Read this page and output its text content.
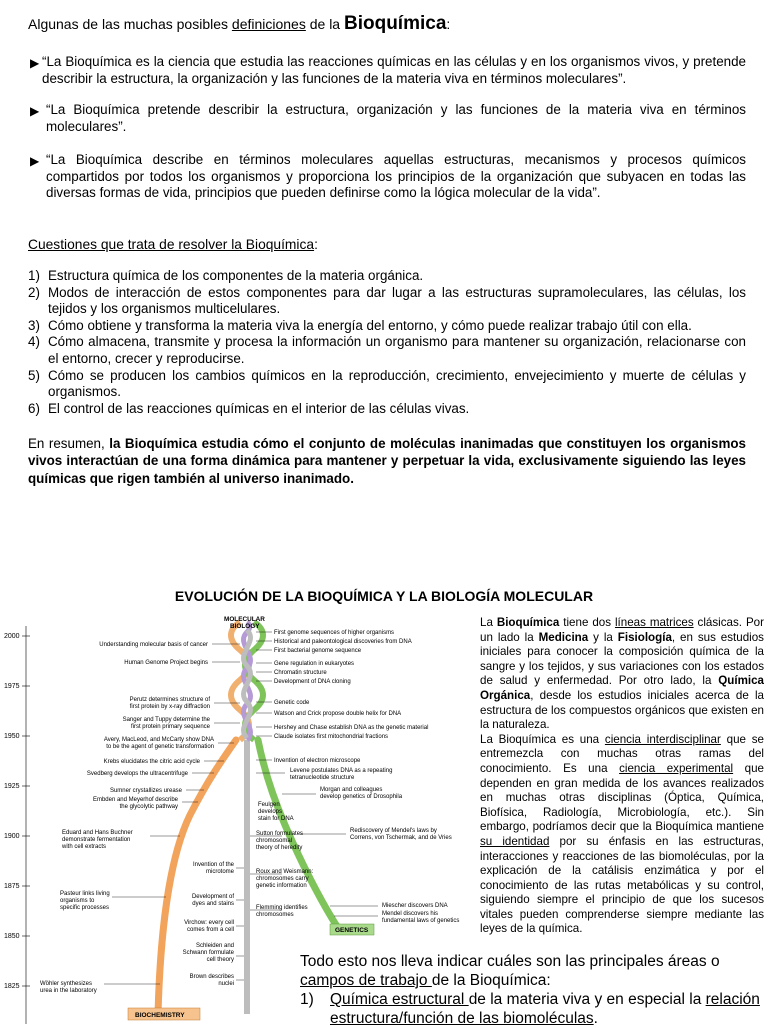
Algunas de las muchas posibles definiciones de la Bioquímica:
▶ “La Bioquímica es la ciencia que estudia las reacciones químicas en las células y en los organismos vivos, y pretende describir la estructura, la organización y las funciones de la materia viva en términos moleculares”.
▶ “La Bioquímica pretende describir la estructura, organización y las funciones de la materia viva en términos moleculares”.
▶ “La Bioquímica describe en términos moleculares aquellas estructuras, mecanismos y procesos químicos compartidos por todos los organismos y proporciona los principios de la organización que subyacen en todas las diversas formas de vida, principios que pueden definirse como la lógica molecular de la vida”.
Cuestiones que trata de resolver la Bioquímica:
1) Estructura química de los componentes de la materia orgánica.
2) Modos de interacción de estos componentes para dar lugar a las estructuras supramoleculares, las células, los tejidos y los organismos multicelulares.
3) Cómo obtiene y transforma la materia viva la energía del entorno, y cómo puede realizar trabajo útil con ella.
4) Cómo almacena, transmite y procesa la información un organismo para mantener su organización, relacionarse con el entorno, crecer y reproducirse.
5) Cómo se producen los cambios químicos en la reproducción, crecimiento, envejecimiento y muerte de células y organismos.
6) El control de las reacciones químicas en el interior de las células vivas.
En resumen, la Bioquímica estudia cómo el conjunto de moléculas inanimadas que constituyen los organismos vivos interactúan de una forma dinámica para mantener y perpetuar la vida, exclusivamente siguiendo las leyes químicas que rigen también al universo inanimado.
EVOLUCIÓN DE LA BIOQUÍMICA Y LA BIOLOGÍA MOLECULAR
2000
1975
1950
1925
1900
1875
1850
1825
MOLECULAR
BIOLOGY
GENETICS
BIOCHEMISTRY
First genome sequences of higher organisms
Historical and paleontological discoveries from DNA
First bacterial genome sequence
Gene regulation in eukaryotes
Chromatin structure
Development of DNA cloning
Genetic code
Watson and Crick propose double helix for DNA
Hershey and Chase establish DNA as the genetic material
Claude isolates first mitochondrial fractions
Invention of electron microscope
Levene postulates DNA as a repeating
tetranucleotide structure
Morgan and colleagues
develop genetics of Drosophila
Rediscovery of Mendel's laws by
Correns, von Tschermak, and de Vries
Miescher discovers DNA
Mendel discovers his
fundamental laws of genetics
Understanding molecular basis of cancer
Human Genome Project begins
Perutz determines structure of
first protein by x-ray diffraction
Sanger and Tuppy determine the
first protein primary sequence
Avery, MacLeod, and McCarty show DNA
to be the agent of genetic transformation
Krebs elucidates the citric acid cycle
Svedberg develops the ultracentrifuge
Sumner crystallizes urease
Embden and Meyerhof describe
the glycolytic pathway
Eduard and Hans Buchner
demonstrate fermentation
with cell extracts
Pasteur links living
organisms to
specific processes
Wöhler synthesizes
urea in the laboratory
Feulgen
develops
stain for DNA
Sutton formulates
chromosomal
theory of heredity
Roux and Weismann:
chromosomes carry
genetic information
Flemming identifies
chromosomes
Invention of the
microtome
Development of
dyes and stains
Virchow: every cell
comes from a cell
Schleiden and
Schwann formulate
cell theory
Brown describes
nuclei

La Bioquímica tiene dos líneas matrices clásicas. Por un lado la Medicina y la Fisiología, en sus estudios iniciales para conocer la composición química de la sangre y los tejidos, y sus variaciones con los estados de salud y enfermedad. Por otro lado, la Química Orgánica, desde los estudios iniciales acerca de la estructura de los compuestos orgánicos que existen en la naturaleza.

La Bioquímica es una ciencia interdisciplinar que se entremezcla con muchas otras ramas del conocimiento. Es una ciencia experimental que dependen en gran medida de los avances realizados en muchas otras disciplinas (Óptica, Química, Biofísica, Radiología, Microbiología, etc.). Sin embargo, podríamos decir que la Bioquímica mantiene su identidad por su énfasis en las estructuras, interacciones y reacciones de las biomoléculas, por la explicación de la catálisis enzimática y por el conocimiento de las rutas metabólicas y su control, siguiendo siempre el principio de que los sucesos vitales pueden comprenderse siempre mediante las leyes de la química.

Todo esto nos lleva indicar cuáles son las principales áreas o campos de trabajo de la Bioquímica:
1) Química estructural de la materia viva y en especial la relación estructura/función de las biomoléculas.
